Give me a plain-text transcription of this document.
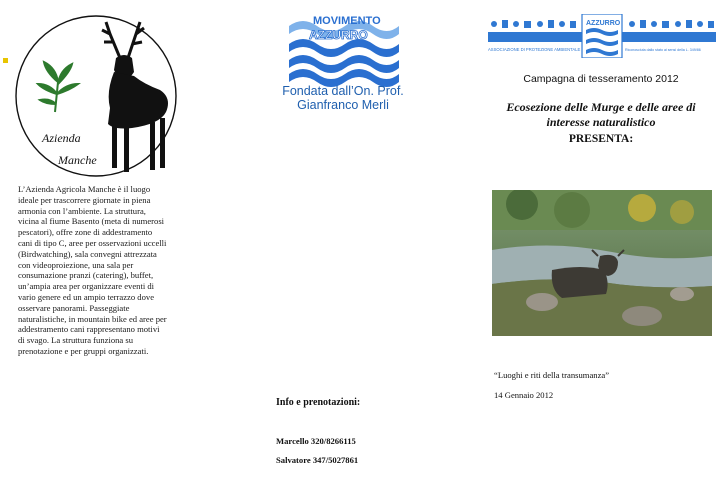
Azienda
Manche
L’Azienda Agricola Manche è il luogo ideale per trascorrere giornate in piena armonia con l’ambiente. La struttura, vicina al fiume Basento (meta di numerosi pescatori), offre zone di addestramento cani di tipo C, aree per osservazioni uccelli (Birdwatching), sala convegni attrezzata con videoproiezione, una sala per consumazione pranzi (catering), buffet, un’ampia area per organizzare eventi di vario genere ed un ampio terrazzo dove osservare panorami. Passeggiate naturalistiche, in mountain bike ed aree per addestramento cani rappresentano motivi di svago. La struttura funziona su prenotazione e per gruppi organizzati.
MOVIMENTO
AZZURRO
Fondata dall’On. Prof.
Gianfranco Merli
Info e prenotazioni:
Marcello 320/8266115
Salvatore 347/5027861
AZZURRO
ASSOCIAZIONE DI PROTEZIONE AMBIENTALE	Riconosciuta dallo stato ai sensi della L. 349/86
Campagna di tesseramento 2012
Ecosezione delle Murge e delle aree di
interesse naturalistico
PRESENTA:
“Luoghi e riti della transumanza”
14 Gennaio 2012
